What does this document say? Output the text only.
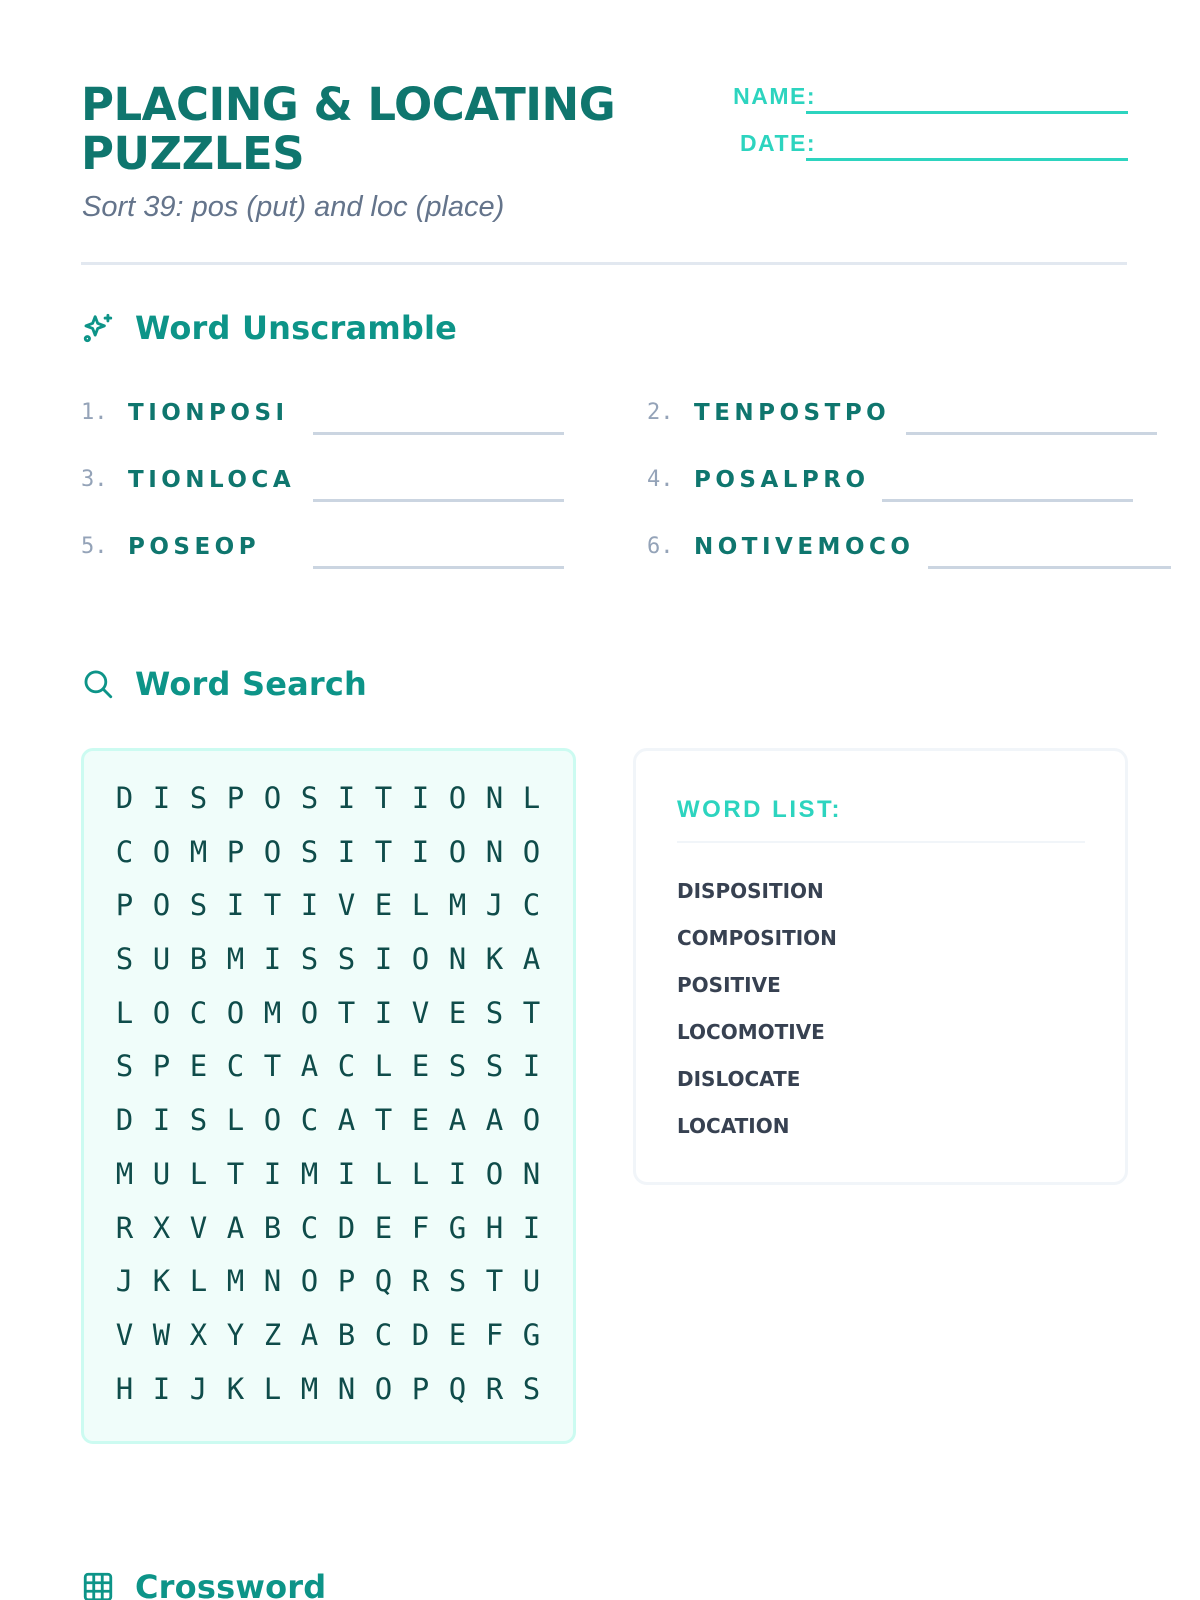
PLACING & LOCATING PUZZLES
Sort 39: pos (put) and loc (place)
NAME:
DATE:
Word Unscramble
1. TIONPOSI	2. TENPOSTPO
3. TIONLOCA	4. POSALPRO
5. POSEOP	6. NOTIVEMOCO
Word Search
D I S P O S I T I O N L
C O M P O S I T I O N O
P O S I T I V E L M J C
S U B M I S S I O N K A
L O C O M O T I V E S T
S P E C T A C L E S S I
D I S L O C A T E A A O
M U L T I M I L L I O N
R X V A B C D E F G H I
J K L M N O P Q R S T U
V W X Y Z A B C D E F G
H I J K L M N O P Q R S
WORD LIST:
DISPOSITION
COMPOSITION
POSITIVE
LOCOMOTIVE
DISLOCATE
LOCATION
Crossword
